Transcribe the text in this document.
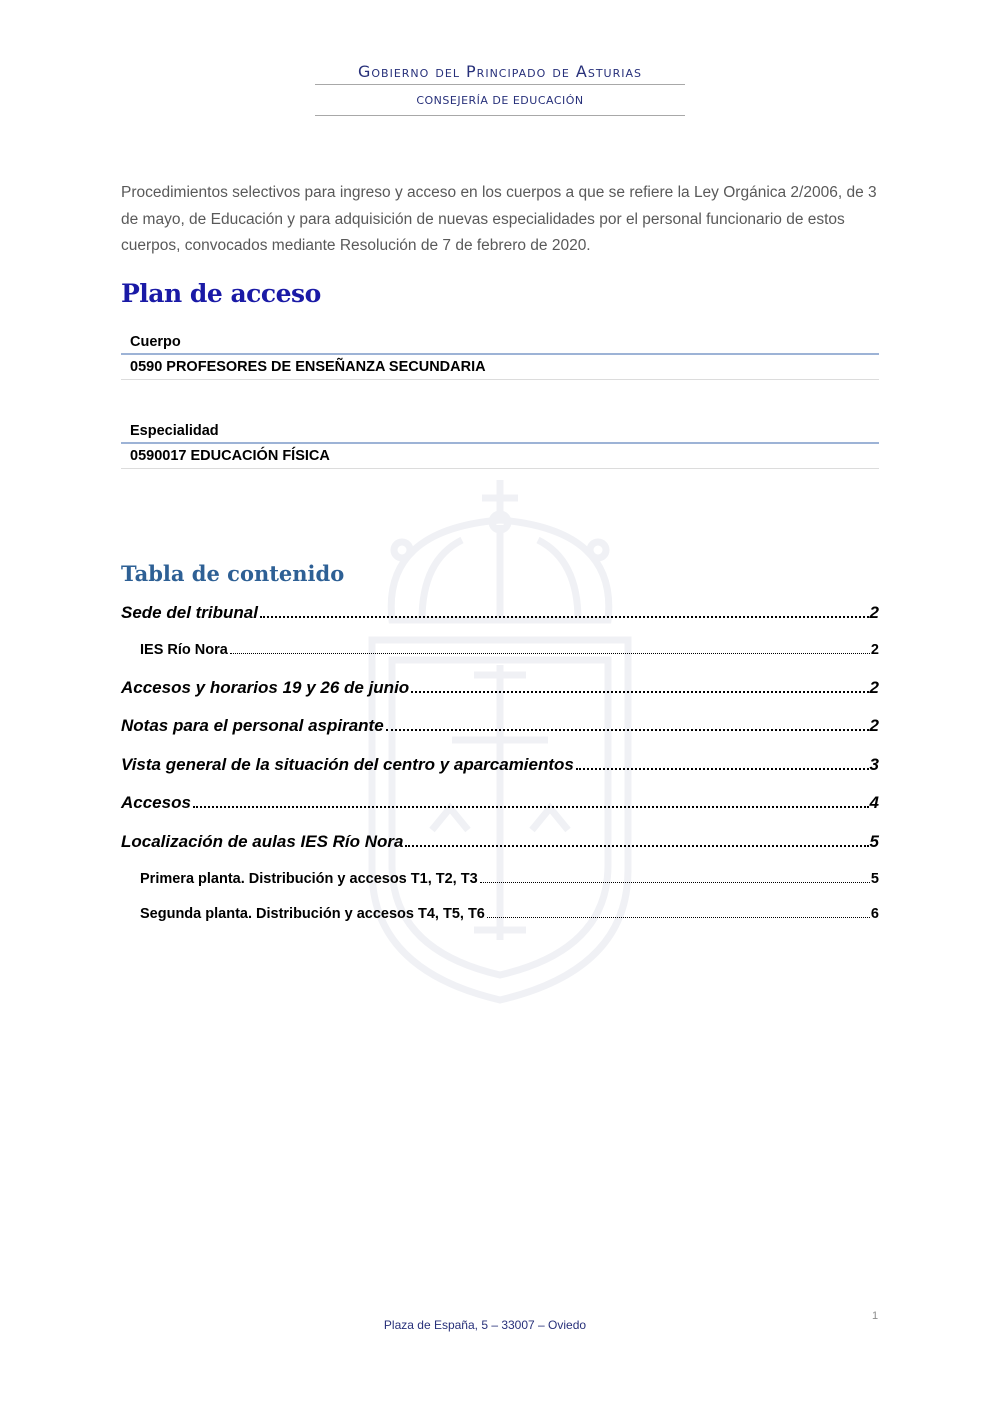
Gobierno del Principado de Asturias
CONSEJERÍA DE EDUCACIÓN

Procedimientos selectivos para ingreso y acceso en los cuerpos a que se refiere la Ley Orgánica 2/2006, de 3 de mayo, de Educación y para adquisición de nuevas especialidades por el personal funcionario de estos cuerpos, convocados mediante Resolución de 7 de febrero de 2020.

Plan de acceso
Cuerpo
0590 PROFESORES DE ENSEÑANZA SECUNDARIA
Especialidad
0590017 EDUCACIÓN FÍSICA
Tabla de contenido
Sede del tribunal	2
IES Río Nora	2
Accesos y horarios 19 y 26 de junio	2
Notas para el personal aspirante	2
Vista general de la situación del centro y aparcamientos	3
Accesos	4
Localización de aulas IES Río Nora	5
Primera planta. Distribución y accesos T1, T2, T3	5
Segunda planta. Distribución y accesos T4, T5, T6	6
1
Plaza de España, 5 – 33007 – Oviedo
